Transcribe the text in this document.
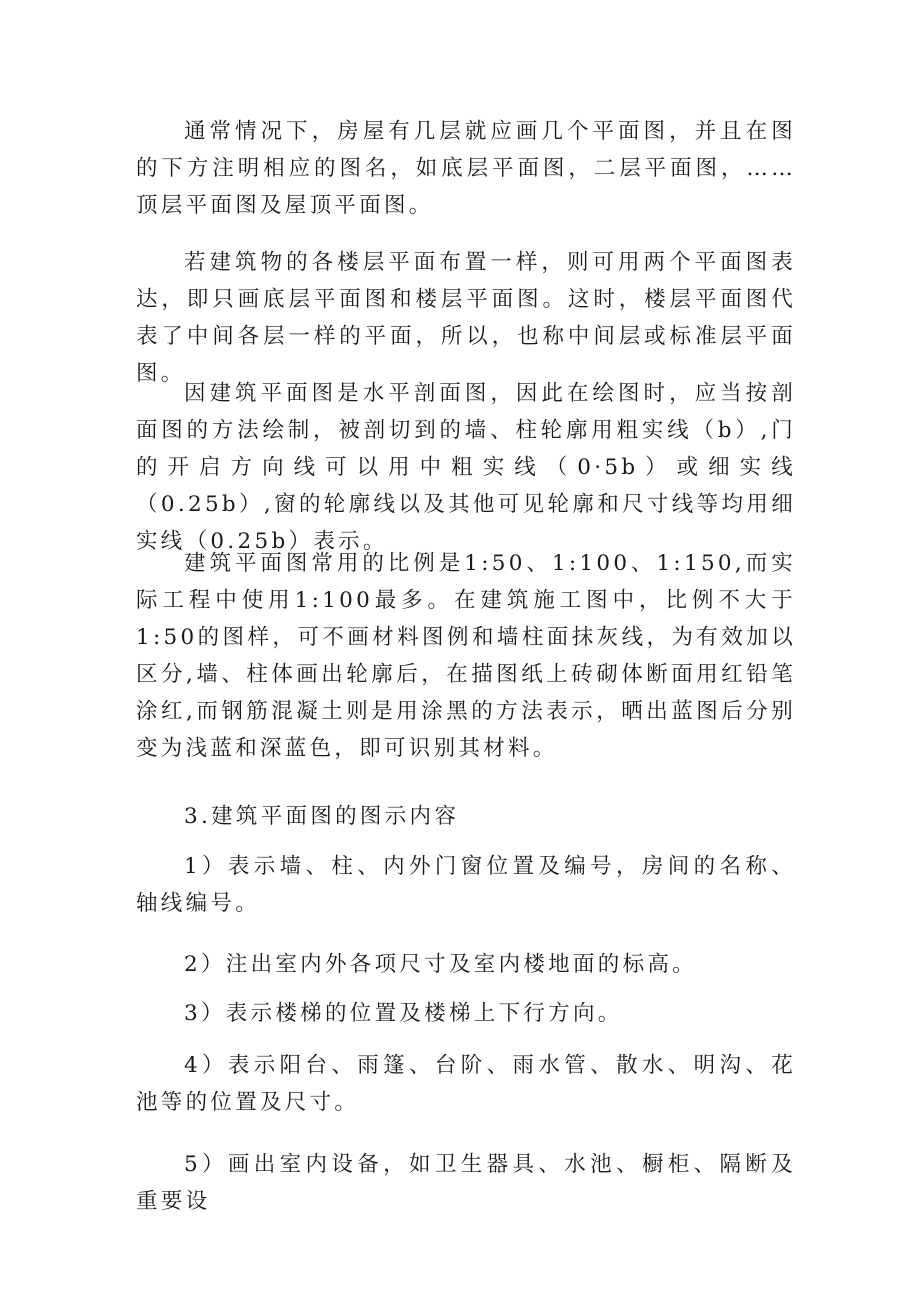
通常情况下，房屋有几层就应画几个平面图，并且在图的下方注明相应的图名，如底层平面图，二层平面图，……顶层平面图及屋顶平面图。

若建筑物的各楼层平面布置一样，则可用两个平面图表达，即只画底层平面图和楼层平面图。这时，楼层平面图代表了中间各层一样的平面，所以，也称中间层或标准层平面图。

因建筑平面图是水平剖面图，因此在绘图时，应当按剖面图的方法绘制，被剖切到的墙、柱轮廓用粗实线（b）,门的开启方向线可以用中粗实线（0·5b）或细实线（0.25b）,窗的轮廓线以及其他可见轮廓和尺寸线等均用细实线（0.25b）表示。

建筑平面图常用的比例是1:50、1:100、1:150,而实际工程中使用1:100最多。在建筑施工图中，比例不大于1:50的图样，可不画材料图例和墙柱面抹灰线，为有效加以区分,墙、柱体画出轮廓后，在描图纸上砖砌体断面用红铅笔涂红,而钢筋混凝土则是用涂黑的方法表示，晒出蓝图后分别变为浅蓝和深蓝色，即可识别其材料。

3.建筑平面图的图示内容

1）表示墙、柱、内外门窗位置及编号，房间的名称、轴线编号。

2）注出室内外各项尺寸及室内楼地面的标高。

3）表示楼梯的位置及楼梯上下行方向。

4）表示阳台、雨篷、台阶、雨水管、散水、明沟、花池等的位置及尺寸。

5）画出室内设备，如卫生器具、水池、橱柜、隔断及重要设
